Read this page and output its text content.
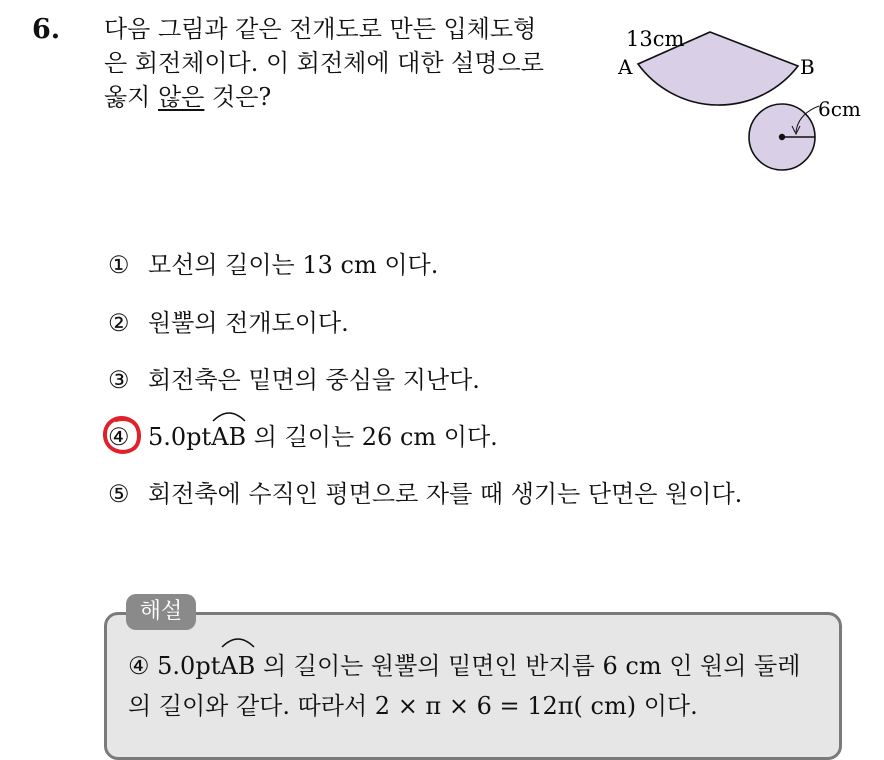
6. 다음 그림과 같은 전개도로 만든 입체도형
은 회전체이다. 이 회전체에 대한 설명으로
옳지 않은 것은?
13cm
A	B
6cm
① 모선의 길이는 13 cm 이다.
② 원뿔의 전개도이다.
③ 회전축은 밑면의 중심을 지난다.
④ 5.0pt
AB 의 길이는 26 cm 이다.
⑤ 회전축에 수직인 평면으로 자를 때 생기는 단면은 원이다.
해설
④ 5.0pt
AB 의 길이는 원뿔의 밑면인 반지름 6 cm 인 원의 둘레
의 길이와 같다. 따라서 2 × π × 6 = 12π( cm) 이다.
